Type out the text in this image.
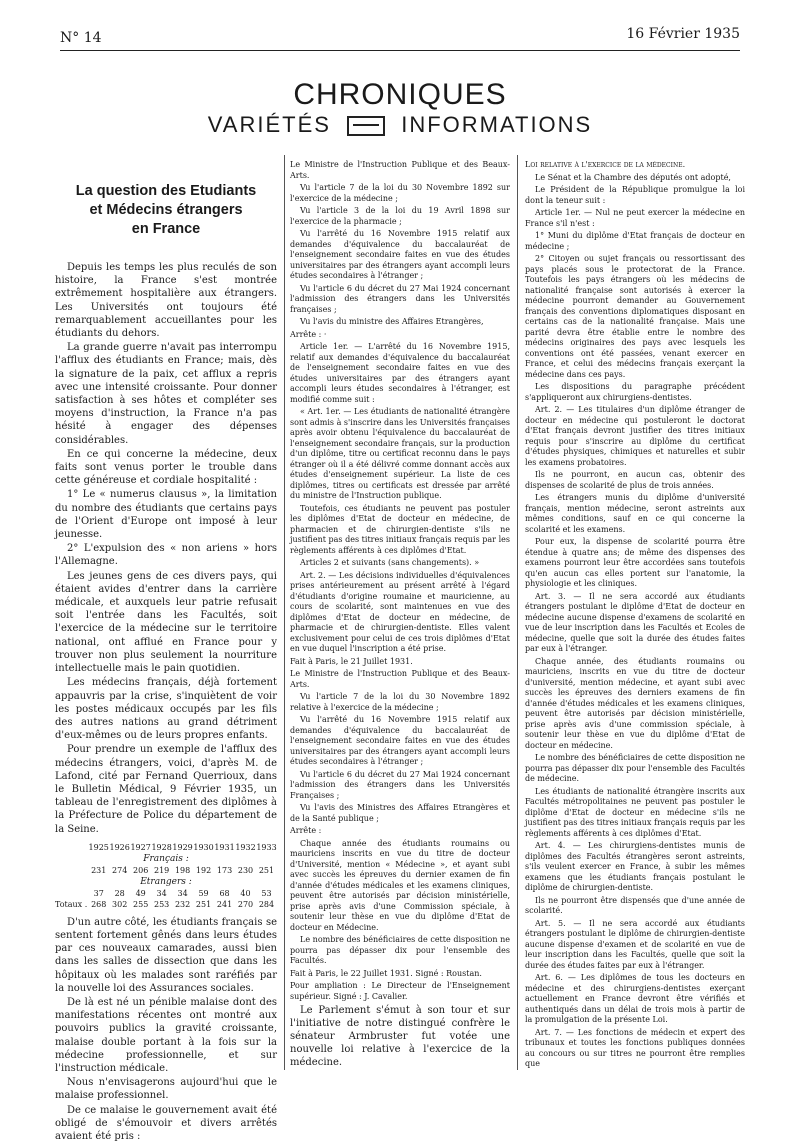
N° 14	16 Février 1935
CHRONIQUES
VARIÉTÉS	INFORMATIONS
La question des Etudiants
et Médecins étrangers
en France

Depuis les temps les plus reculés de son histoire, la France s'est montrée extrêmement hospitalière aux étrangers. Les Universités ont toujours été remarquablement accueillantes pour les étudiants du dehors.

La grande guerre n'avait pas interrompu l'afflux des étudiants en France; mais, dès la signature de la paix, cet afflux a repris avec une intensité croissante. Pour donner satisfaction à ses hôtes et compléter ses moyens d'instruction, la France n'a pas hésité à engager des dépenses considérables.

En ce qui concerne la médecine, deux faits sont venus porter le trouble dans cette généreuse et cordiale hospitalité :

1° Le « numerus clausus », la limitation du nombre des étudiants que certains pays de l'Orient d'Europe ont imposé à leur jeunesse.

2° L'expulsion des « non ariens » hors l'Allemagne.

Les jeunes gens de ces divers pays, qui étaient avides d'entrer dans la carrière médicale, et auxquels leur patrie refusait soit l'entrée dans les Facultés, soit l'exercice de la médecine sur le territoire national, ont afflué en France pour y trouver non plus seulement la nourriture intellectuelle mais le pain quotidien.

Les médecins français, déjà fortement appauvris par la crise, s'inquiètent de voir les postes médicaux occupés par les fils des autres nations au grand détriment d'eux-mêmes ou de leurs propres enfants.

Pour prendre un exemple de l'afflux des médecins étrangers, voici, d'après M. de Lafond, cité par Fernand Querrioux, dans le Bulletin Médical, 9 Février 1935, un tableau de l'enregistrement des diplômes à la Préfecture de Police du département de la Seine.

	1925	1926	1927	1928	1929	1930	1931	1932	1933
Français :									
	231	274	206	219	198	192	173	230	251
Etrangers :									
	37	28	49	34	34	59	68	40	53
Totaux .	268	302	255	253	232	251	241	270	284

D'un autre côté, les étudiants français se sentent fortement gênés dans leurs études par ces nouveaux camarades, aussi bien dans les salles de dissection que dans les hôpitaux où les malades sont raréfiés par la nouvelle loi des Assurances sociales.

De là est né un pénible malaise dont des manifestations récentes ont montré aux pouvoirs publics la gravité croissante, malaise double portant à la fois sur la médecine professionnelle, et sur l'instruction médicale.

Nous n'envisagerons aujourd'hui que le malaise professionnel.

De ce malaise le gouvernement avait été obligé de s'émouvoir et divers arrêtés avaient été pris :

Le Ministre de l'Instruction Publique et des Beaux-Arts.

Vu l'article 7 de la loi du 30 Novembre 1892 sur l'exercice de la médecine ;

Vu l'article 3 de la loi du 19 Avril 1898 sur l'exercice de la pharmacie ;

Vu l'arrêté du 16 Novembre 1915 relatif aux demandes d'équivalence du baccalauréat de l'enseignement secondaire faites en vue des études universitaires par des étrangers ayant accompli leurs études secondaires à l'étranger ;

Vu l'article 6 du décret du 27 Mai 1924 concernant l'admission des étrangers dans les Universités françaises ;

Vu l'avis du ministre des Affaires Etrangères,

Arrête : ·

Article 1er. — L'arrêté du 16 Novembre 1915, relatif aux demandes d'équivalence du baccalauréat de l'enseignement secondaire faites en vue des études universitaires par des étrangers ayant accompli leurs études secondaires à l'étranger, est modifié comme suit :

« Art. 1er. — Les étudiants de nationalité étrangère sont admis à s'inscrire dans les Universités françaises après avoir obtenu l'équivalence du baccalauréat de l'enseignement secondaire français, sur la production d'un diplôme, titre ou certificat reconnu dans le pays étranger où il a été délivré comme donnant accès aux études d'enseignement supérieur. La liste de ces diplômes, titres ou certificats est dressée par arrêté du ministre de l'Instruction publique.

Toutefois, ces étudiants ne peuvent pas postuler les diplômes d'Etat de docteur en médecine, de pharmacien et de chirurgien-dentiste s'ils ne justifient pas des titres initiaux français requis par les règlements afférents à ces diplômes d'Etat.

Articles 2 et suivants (sans changements). »

Art. 2. — Les décisions individuelles d'équivalences prises antérieurement au présent arrêté à l'égard d'étudiants d'origine roumaine et mauricienne, au cours de scolarité, sont maintenues en vue des diplômes d'Etat de docteur en médecine, de pharmacie et de chirurgien-dentiste. Elles valent exclusivement pour celui de ces trois diplômes d'Etat en vue duquel l'inscription a été prise.

Fait à Paris, le 21 Juillet 1931.

Le Ministre de l'Instruction Publique et des Beaux-Arts.

Vu l'article 7 de la loi du 30 Novembre 1892 relative à l'exercice de la médecine ;

Vu l'arrêté du 16 Novembre 1915 relatif aux demandes d'équivalence du baccalauréat de l'enseignement secondaire faites en vue des études universitaires par des étrangers ayant accompli leurs études secondaires à l'étranger ;

Vu l'article 6 du décret du 27 Mai 1924 concernant l'admission des étrangers dans les Universités Françaises ;

Vu l'avis des Ministres des Affaires Etrangères et de la Santé publique ;

Arrête :

Chaque année des étudiants roumains ou mauriciens inscrits en vue du titre de docteur d'Université, mention « Médecine », et ayant subi avec succès les épreuves du dernier examen de fin d'année d'études médicales et les examens cliniques, peuvent être autorisés par décision ministérielle, prise après avis d'une Commission spéciale, à soutenir leur thèse en vue du diplôme d'Etat de docteur en Médecine.

Le nombre des bénéficiaires de cette disposition ne pourra pas dépasser dix pour l'ensemble des Facultés.

Fait à Paris, le 22 Juillet 1931. Signé : Roustan.

Pour ampliation : Le Directeur de l'Enseignement supérieur. Signé : J. Cavalier.

Le Parlement s'émut à son tour et sur l'initiative de notre distingué confrère le sénateur Armbruster fut votée une nouvelle loi relative à l'exercice de la médecine.

Loi relative à l'exercice de la médecine.

Le Sénat et la Chambre des députés ont adopté,

Le Président de la République promulgue la loi dont la teneur suit :

Article 1er. — Nul ne peut exercer la médecine en France s'il n'est :

1° Muni du diplôme d'Etat français de docteur en médecine ;

2° Citoyen ou sujet français ou ressortissant des pays placés sous le protectorat de la France. Toutefois les pays étrangers où les médecins de nationalité française sont autorisés à exercer la médecine pourront demander au Gouvernement français des conventions diplomatiques disposant en certains cas de la nationalité française. Mais une parité devra être établie entre le nombre des médecins originaires des pays avec lesquels les conventions ont été passées, venant exercer en France, et celui des médecins français exerçant la médecine dans ces pays.

Les dispositions du paragraphe précédent s'appliqueront aux chirurgiens-dentistes.

Art. 2. — Les titulaires d'un diplôme étranger de docteur en médecine qui postuleront le doctorat d'Etat français devront justifier des titres initiaux requis pour s'inscrire au diplôme du certificat d'études physiques, chimiques et naturelles et subir les examens probatoires.

Ils ne pourront, en aucun cas, obtenir des dispenses de scolarité de plus de trois années.

Les étrangers munis du diplôme d'université français, mention médecine, seront astreints aux mêmes conditions, sauf en ce qui concerne la scolarité et les examens.

Pour eux, la dispense de scolarité pourra être étendue à quatre ans; de même des dispenses des examens pourront leur être accordées sans toutefois qu'en aucun cas elles portent sur l'anatomie, la physiologie et les cliniques.

Art. 3. — Il ne sera accordé aux étudiants étrangers postulant le diplôme d'Etat de docteur en médecine aucune dispense d'examens de scolarité en vue de leur inscription dans les Facultés et Ecoles de médecine, quelle que soit la durée des études faites par eux à l'étranger.

Chaque année, des étudiants roumains ou mauriciens, inscrits en vue du titre de docteur d'université, mention médecine, et ayant subi avec succès les épreuves des derniers examens de fin d'année d'études médicales et les examens cliniques, peuvent être autorisés par décision ministérielle, prise après avis d'une commission spéciale, à soutenir leur thèse en vue du diplôme d'Etat de docteur en médecine.

Le nombre des bénéficiaires de cette disposition ne pourra pas dépasser dix pour l'ensemble des Facultés de médecine.

Les étudiants de nationalité étrangère inscrits aux Facultés métropolitaines ne peuvent pas postuler le diplôme d'Etat de docteur en médecine s'ils ne justifient pas des titres initiaux français requis par les règlements afférents à ces diplômes d'Etat.

Art. 4. — Les chirurgiens-dentistes munis de diplômes des Facultés étrangères seront astreints, s'ils veulent exercer en France, à subir les mêmes examens que les étudiants français postulant le diplôme de chirurgien-dentiste.

Ils ne pourront être dispensés que d'une année de scolarité.

Art. 5. — Il ne sera accordé aux étudiants étrangers postulant le diplôme de chirurgien-dentiste aucune dispense d'examen et de scolarité en vue de leur inscription dans les Facultés, quelle que soit la durée des études faites par eux à l'étranger.

Art. 6. — Les diplômes de tous les docteurs en médecine et des chirurgiens-dentistes exerçant actuellement en France devront être vérifiés et authentiqués dans un délai de trois mois à partir de la promulgation de la présente Loi.

Art. 7. — Les fonctions de médecin et expert des tribunaux et toutes les fonctions publiques données au concours ou sur titres ne pourront être remplies que
